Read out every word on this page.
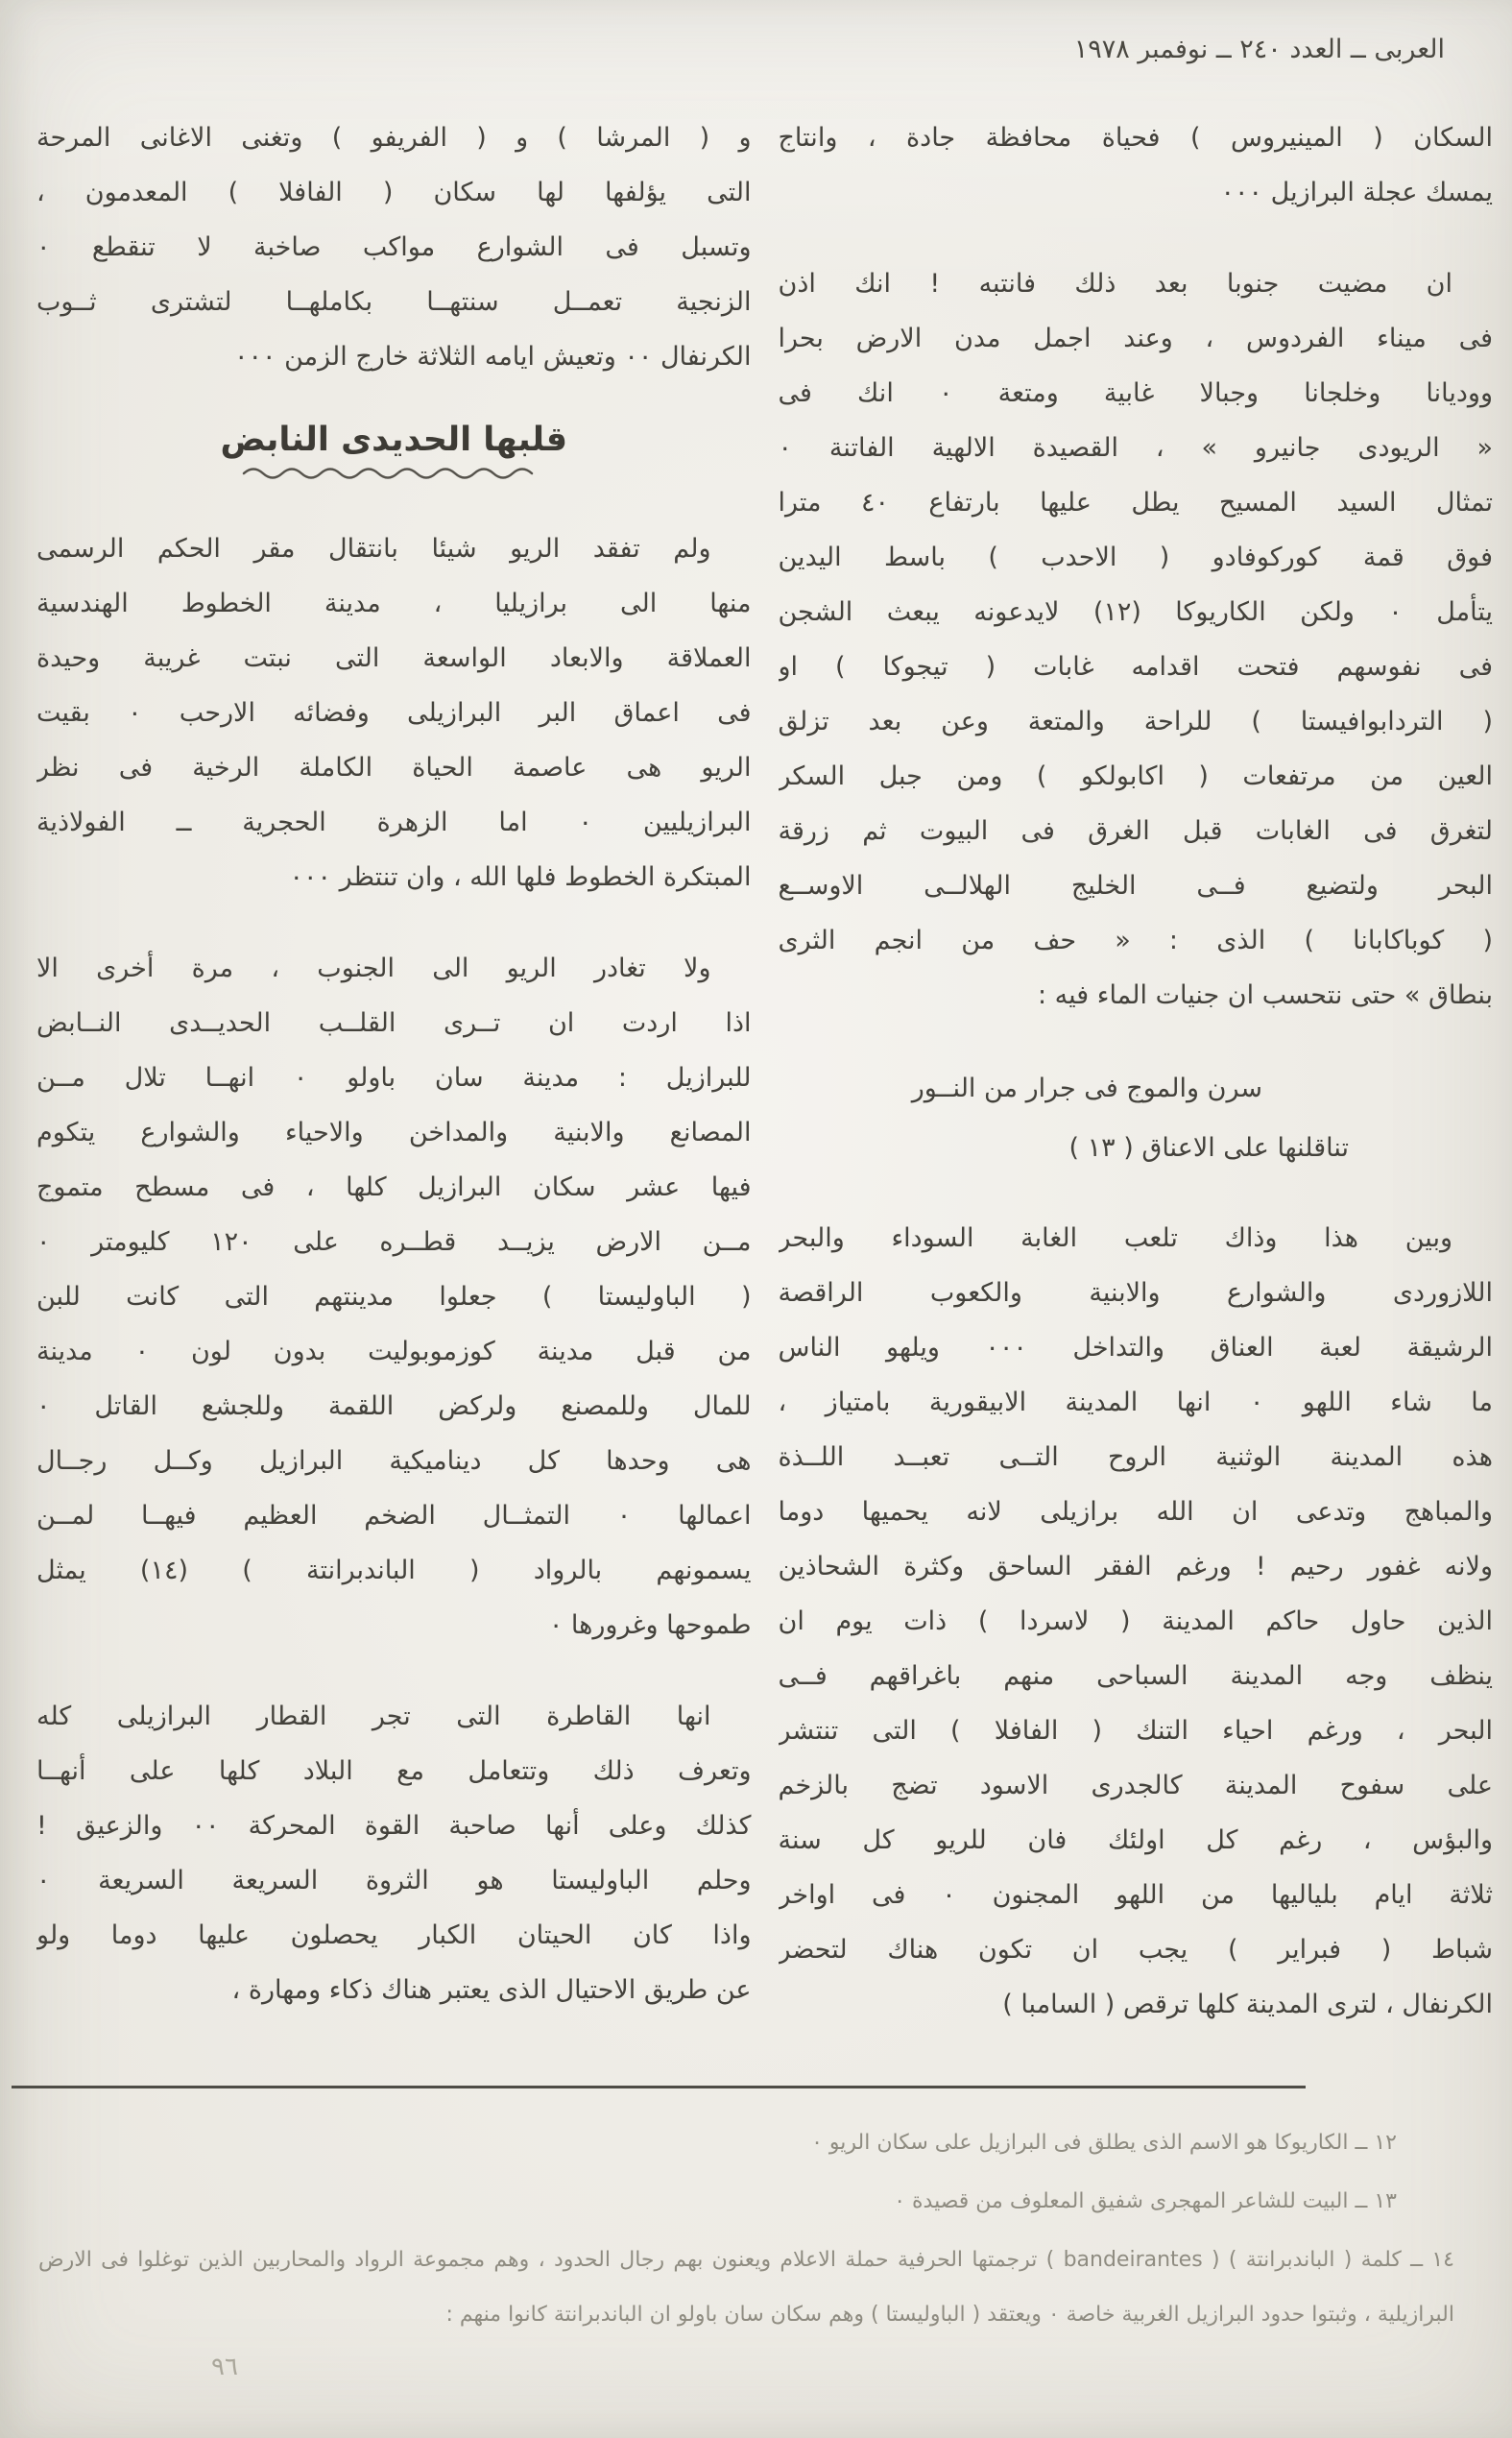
العربى ــ العدد ٢٤٠ ــ نوفمبر ١٩٧٨
السكان ( المينيروس ) فحياة محافظة جادة ، وانتاج
يمسك عجلة البرازيل ٠٠٠
ان مضيت جنوبا بعد ذلك فانتبه ! انك اذن
فى ميناء الفردوس ، وعند اجمل مدن الارض بحرا
ووديانا وخلجانا وجبالا غابية ومتعة ٠ انك فى
« الريودى جانيرو » ، القصيدة الالهية الفاتنة ٠
تمثال السيد المسيح يطل عليها بارتفاع ٤٠ مترا
فوق قمة كوركوفادو ( الاحدب ) باسط اليدين
يتأمل ٠ ولكن الكاريوكا (١٢) لايدعونه يبعث الشجن
فى نفوسهم فتحت اقدامه غابات ( تيجوكا ) او
( التردابوافيستا ) للراحة والمتعة وعن بعد تزلق
العين من مرتفعات ( اكابولكو ) ومن جبل السكر
لتغرق فى الغابات قبل الغرق فى البيوت ثم زرقة
البحر ولتضيع فــى الخليج الهلالــى الاوســع
( كوباكابانا ) الذى : « حف من انجم الثرى
بنطاق » حتى نتحسب ان جنيات الماء فيه :
سرن والموج فى جرار من النــور
تناقلنها على الاعناق ( ١٣ )
وبين هذا وذاك تلعب الغابة السوداء والبحر
اللازوردى والشوارع والابنية والكعوب الراقصة
الرشيقة لعبة العناق والتداخل ٠٠٠ ويلهو الناس
ما شاء اللهو ٠ انها المدينة الابيقورية بامتياز ،
هذه المدينة الوثنية الروح التــى تعبــد اللــذة
والمباهج وتدعى ان الله برازيلى لانه يحميها دوما
ولانه غفور رحيم ! ورغم الفقر الساحق وكثرة الشحاذين
الذين حاول حاكم المدينة ( لاسردا ) ذات يوم ان
ينظف وجه المدينة السباحى منهم باغراقهم فــى
البحر ، ورغم احياء التنك ( الفافلا ) التى تنتشر
على سفوح المدينة كالجدرى الاسود تضج بالزخم
والبؤس ، رغم كل اولئك فان للريو كل سنة
ثلاثة ايام بلياليها من اللهو المجنون ٠ فى اواخر
شباط ( فبراير ) يجب ان تكون هناك لتحضر
الكرنفال ، لترى المدينة كلها ترقص ( السامبا )
و ( المرشا ) و ( الفريفو ) وتغنى الاغانى المرحة
التى يؤلفها لها سكان ( الفافلا ) المعدمون ،
وتسبل فى الشوارع مواكب صاخبة لا تنقطع ٠
الزنجية تعمــل سنتهــا بكاملهــا لتشترى ثــوب
الكرنفال ٠٠ وتعيش ايامه الثلاثة خارج الزمن ٠٠٠
قلبها الحديدى النابض
ولم تفقد الريو شيئا بانتقال مقر الحكم الرسمى
منها الى برازيليا ، مدينة الخطوط الهندسية
العملاقة والابعاد الواسعة التى نبتت غريبة وحيدة
فى اعماق البر البرازيلى وفضائه الارحب ٠ بقيت
الريو هى عاصمة الحياة الكاملة الرخية فى نظر
البرازيليين ٠ اما الزهرة الحجرية ــ الفولاذية
المبتكرة الخطوط فلها الله ، وان تنتظر ٠٠٠
ولا تغادر الريو الى الجنوب ، مرة أخرى الا
اذا اردت ان تــرى القلــب الحديــدى النــابض
للبرازيل : مدينة سان باولو ٠ انهــا تلال مــن
المصانع والابنية والمداخن والاحياء والشوارع يتكوم
فيها عشر سكان البرازيل كلها ، فى مسطح متموج
مــن الارض يزيــد قطــره على ١٢٠ كليومتر ٠
( الباوليستا ) جعلوا مدينتهم التى كانت للبن
من قبل مدينة كوزموبوليت بدون لون ٠ مدينة
للمال وللمصنع ولركض اللقمة وللجشع القاتل ٠
هى وحدها كل ديناميكية البرازيل وكــل رجــال
اعمالها ٠ التمثــال الضخم العظيم فيهــا لمــن
يسمونهم بالرواد ( الباندبرانتة ) (١٤) يمثل
طموحها وغرورها ٠
انها القاطرة التى تجر القطار البرازيلى كله
وتعرف ذلك وتتعامل مع البلاد كلها على أنهــا
كذلك وعلى أنها صاحبة القوة المحركة ٠٠ والزعيق !
وحلم الباوليستا هو الثروة السريعة السريعة ٠
واذا كان الحيتان الكبار يحصلون عليها دوما ولو
عن طريق الاحتيال الذى يعتبر هناك ذكاء ومهارة ،
١٢ ــ الكاريوكا هو الاسم الذى يطلق فى البرازيل على سكان الريو ٠
١٣ ــ البيت للشاعر المهجرى شفيق المعلوف من قصيدة ٠
١٤ ــ كلمة ( الباندبرانتة ) ( bandeirantes ) ترجمتها الحرفية حملة الاعلام ويعنون بهم رجال الحدود ، وهم مجموعة الرواد والمحاربين الذين توغلوا فى الارض البرازيلية ، وثبتوا حدود البرازيل الغربية خاصة ٠ ويعتقد ( الباوليستا ) وهم سكان سان باولو ان الباندبرانتة كانوا منهم :
٩٦
